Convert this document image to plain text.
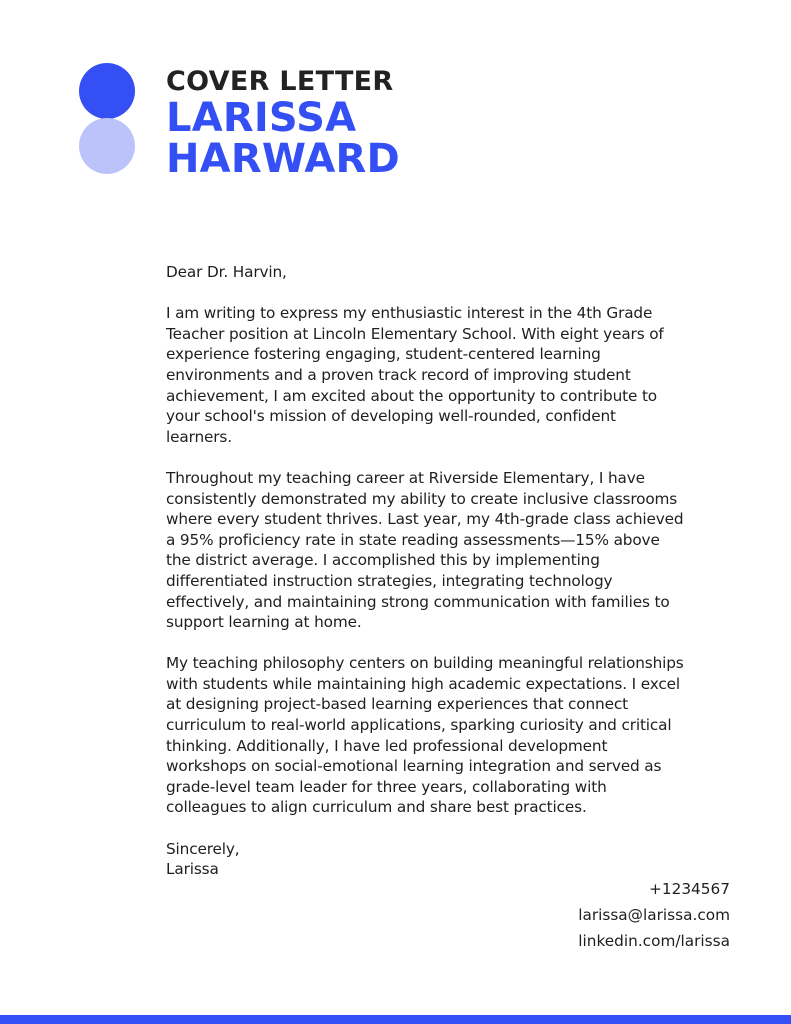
COVER LETTER
LARISSA
HARWARD

Dear Dr. Harvin,

I am writing to express my enthusiastic interest in the 4th Grade Teacher position at Lincoln Elementary School. With eight years of experience fostering engaging, student-centered learning environments and a proven track record of improving student achievement, I am excited about the opportunity to contribute to your school's mission of developing well-rounded, confident learners.

Throughout my teaching career at Riverside Elementary, I have consistently demonstrated my ability to create inclusive classrooms where every student thrives. Last year, my 4th-grade class achieved a 95% proficiency rate in state reading assessments—15% above the district average. I accomplished this by implementing differentiated instruction strategies, integrating technology effectively, and maintaining strong communication with families to support learning at home.

My teaching philosophy centers on building meaningful relationships with students while maintaining high academic expectations. I excel at designing project-based learning experiences that connect curriculum to real-world applications, sparking curiosity and critical thinking. Additionally, I have led professional development workshops on social-emotional learning integration and served as grade-level team leader for three years, collaborating with colleagues to align curriculum and share best practices.

Sincerely,
Larissa

+1234567
larissa@larissa.com
linkedin.com/larissa
